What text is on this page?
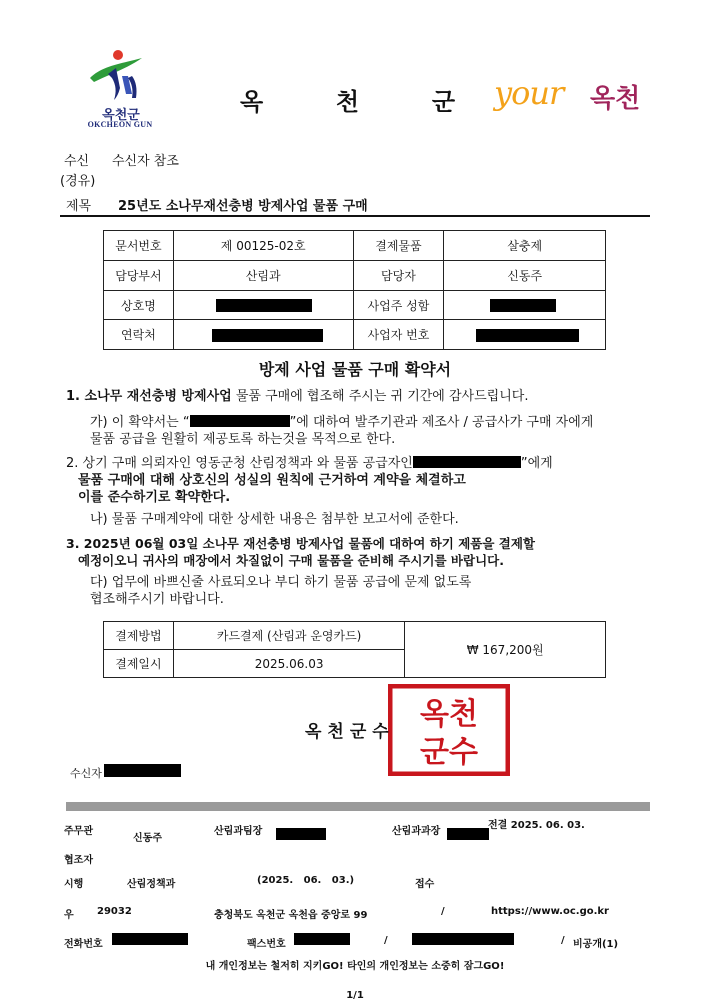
옥천군
OKCHEON GUN
옥	천	군 your 옥천
수신 수신자 참조
(경유)
제목 25년도 소나무재선충병 방제사업 물품 구매
문서번호	제 00125-02호	결제물품	살충제
담당부서	산림과	담당자	신동주
상호명		사업주 성함	

연락처		사업자 번호	
방제 사업 물품 구매 확약서
1. 소나무 재선충병 방제사업 물품 구매에 협조해 주시는 귀 기간에 감사드립니다.
가) 이 확약서는 “	”에 대하여 발주기관과 제조사 / 공급사가 구매 자에게
물품 공급을 원활히 제공토록 하는것을 목적으로 한다.
2. 상기 구매 의뢰자인 영동군청 산림정책과 와 물품 공급자인	”에게
물품 구매에 대해 상호신의 성실의 원칙에 근거하여 계약을 체결하고
이를 준수하기로 확약한다.
나) 물품 구매계약에 대한 상세한 내용은 첨부한 보고서에 준한다.
3. 2025년 06월 03일 소나무 재선충병 방제사업 물품에 대하여 하기 제품을 결제할
예정이오니 귀사의 매장에서 차질없이 구매 물품을 준비해 주시기를 바랍니다.
다) 업무에 바쁘신줄 사료되오나 부디 하기 물품 공급에 문제 없도록
협조해주시기 바랍니다.
결제방법	카드결제 (산림과 운영카드)	₩ 167,200원
결제일시	2025.06.03	
옥천
군수
옥천군수
수신자
주무관
신동주
산림과팀장	산림과과장
전결 2025. 06. 03.
협조자
시행	산림정책과	(2025.   06.   03.)	접수
우 29032	충청북도 옥천군 옥천읍 중앙로 99	/	https://www.oc.go.kr
전화번호	팩스번호	/	/ 비공개(1)
내 개인정보는 철저히 지키GO! 타인의 개인정보는 소중히 잠그GO!
1/1
